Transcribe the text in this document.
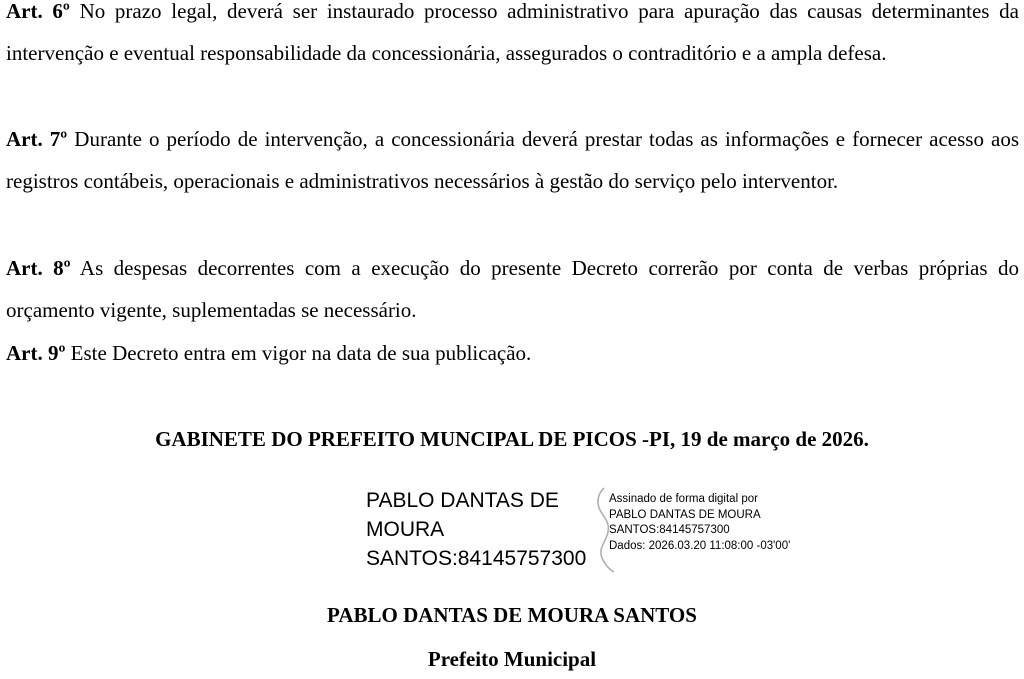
Art. 6º No prazo legal, deverá ser instaurado processo administrativo para apuração das causas determinantes da intervenção e eventual responsabilidade da concessionária, assegurados o contraditório e a ampla defesa.

Art. 7º Durante o período de intervenção, a concessionária deverá prestar todas as informações e fornecer acesso aos registros contábeis, operacionais e administrativos necessários à gestão do serviço pelo interventor.

Art. 8º As despesas decorrentes com a execução do presente Decreto correrão por conta de verbas próprias do orçamento vigente, suplementadas se necessário.

Art. 9º Este Decreto entra em vigor na data de sua publicação.

GABINETE DO PREFEITO MUNCIPAL DE PICOS -PI, 19 de março de 2026.

PABLO DANTAS DE
MOURA
SANTOS:84145757300

Assinado de forma digital por
PABLO DANTAS DE MOURA
SANTOS:84145757300
Dados: 2026.03.20 11:08:00 -03'00'

PABLO DANTAS DE MOURA SANTOS

Prefeito Municipal
